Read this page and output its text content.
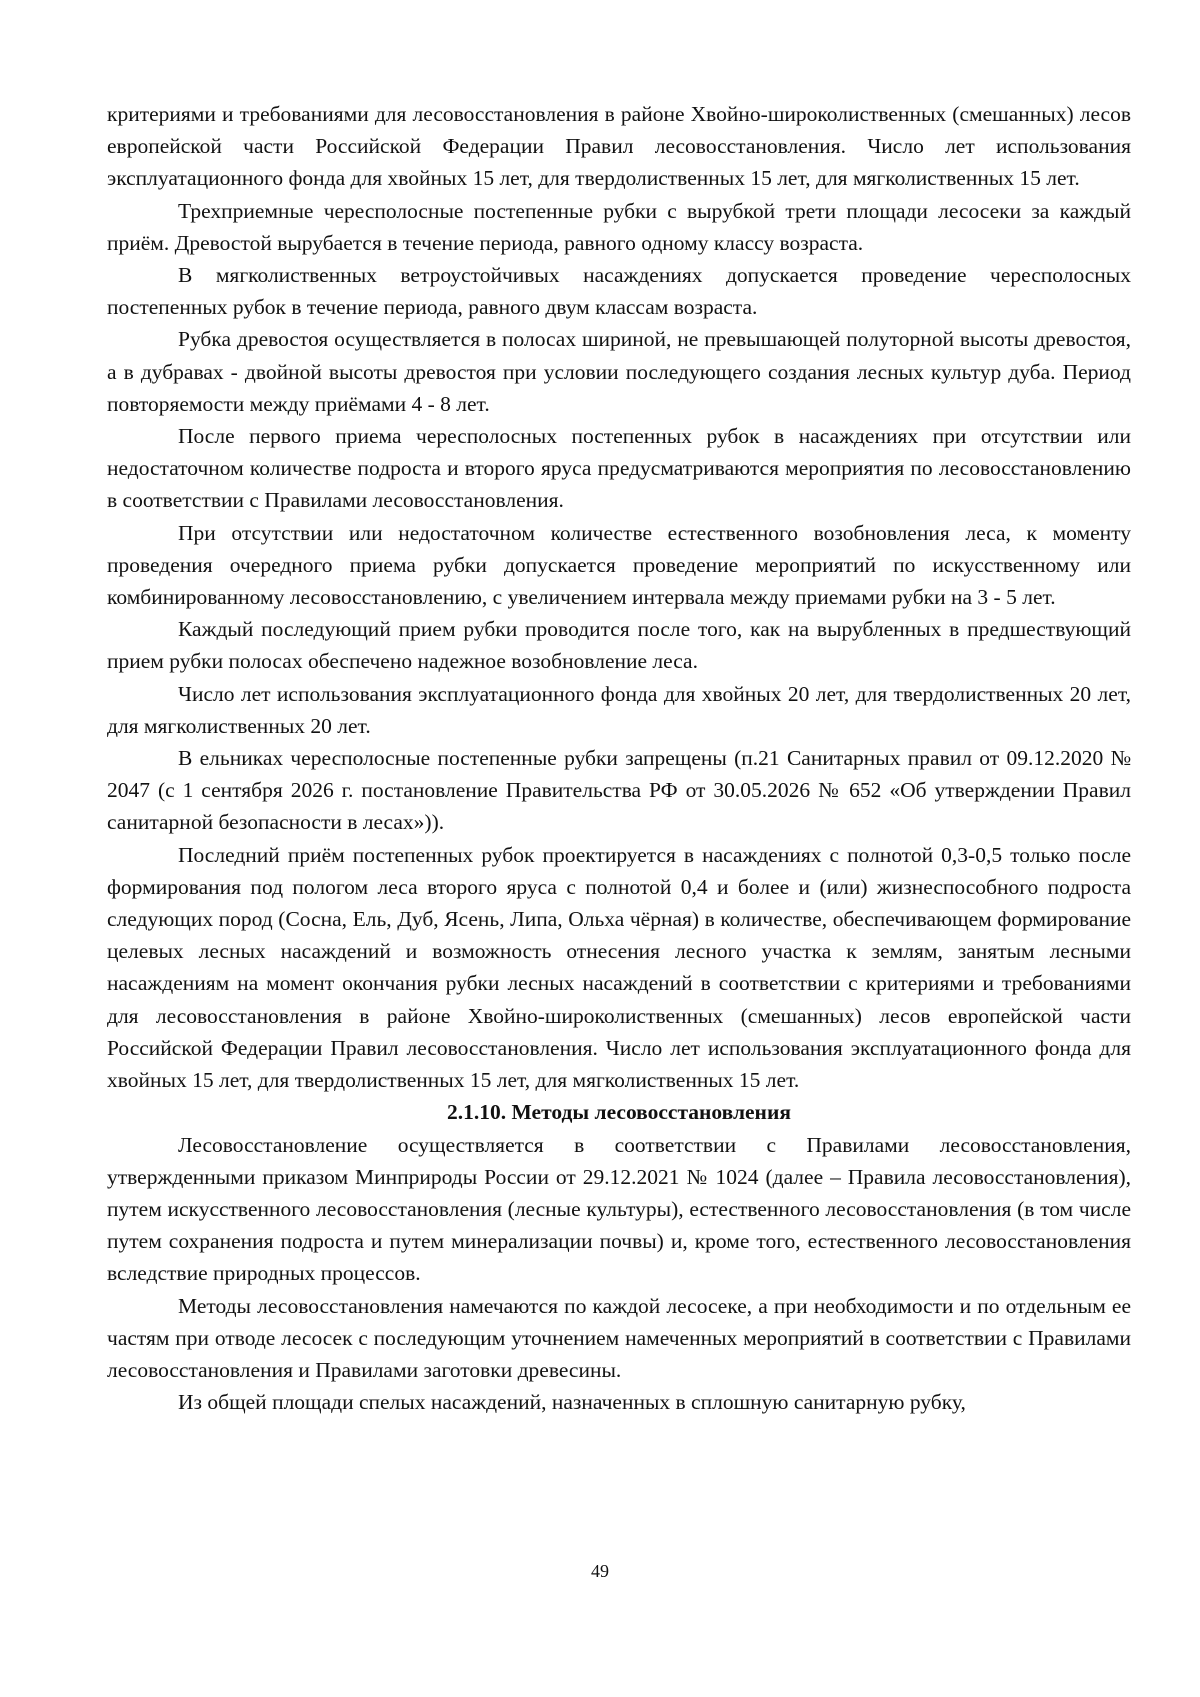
критериями и требованиями для лесовосстановления в районе Хвойно-широколиственных (смешанных) лесов европейской части Российской Федерации Правил лесовосстановления. Число лет использования эксплуатационного фонда для хвойных 15 лет, для твердолиственных 15 лет, для мягколиственных 15 лет.

Трехприемные чересполосные постепенные рубки с вырубкой трети площади лесосеки за каждый приём. Древостой вырубается в течение периода, равного одному классу возраста.

В мягколиственных ветроустойчивых насаждениях допускается проведение чересполосных постепенных рубок в течение периода, равного двум классам возраста.

Рубка древостоя осуществляется в полосах шириной, не превышающей полуторной высоты древостоя, а в дубравах - двойной высоты древостоя при условии последующего создания лесных культур дуба. Период повторяемости между приёмами 4 - 8 лет.

После первого приема чересполосных постепенных рубок в насаждениях при отсутствии или недостаточном количестве подроста и второго яруса предусматриваются мероприятия по лесовосстановлению в соответствии с Правилами лесовосстановления.

При отсутствии или недостаточном количестве естественного возобновления леса, к моменту проведения очередного приема рубки допускается проведение мероприятий по искусственному или комбинированному лесовосстановлению, с увеличением интервала между приемами рубки на 3 - 5 лет.

Каждый последующий прием рубки проводится после того, как на вырубленных в предшествующий прием рубки полосах обеспечено надежное возобновление леса.

Число лет использования эксплуатационного фонда для хвойных 20 лет, для твердолиственных 20 лет, для мягколиственных 20 лет.

В ельниках чересполосные постепенные рубки запрещены (п.21 Санитарных правил от 09.12.2020 № 2047 (с 1 сентября 2026 г. постановление Правительства РФ от 30.05.2026 № 652 «Об утверждении Правил санитарной безопасности в лесах»)).

Последний приём постепенных рубок проектируется в насаждениях с полнотой 0,3-0,5 только после формирования под пологом леса второго яруса с полнотой 0,4 и более и (или) жизнеспособного подроста следующих пород (Сосна, Ель, Дуб, Ясень, Липа, Ольха чёрная) в количестве, обеспечивающем формирование целевых лесных насаждений и возможность отнесения лесного участка к землям, занятым лесными насаждениям на момент окончания рубки лесных насаждений в соответствии с критериями и требованиями для лесовосстановления в районе Хвойно-широколиственных (смешанных) лесов европейской части Российской Федерации Правил лесовосстановления. Число лет использования эксплуатационного фонда для хвойных 15 лет, для твердолиственных 15 лет, для мягколиственных 15 лет.

2.1.10. Методы лесовосстановления

Лесовосстановление осуществляется в соответствии с Правилами лесовосстановления, утвержденными приказом Минприроды России от 29.12.2021 № 1024 (далее – Правила лесовосстановления), путем искусственного лесовосстановления (лесные культуры), естественного лесовосстановления (в том числе путем сохранения подроста и путем минерализации почвы) и, кроме того, естественного лесовосстановления вследствие природных процессов.

Методы лесовосстановления намечаются по каждой лесосеке, а при необходимости и по отдельным ее частям при отводе лесосек с последующим уточнением намеченных мероприятий в соответствии с Правилами лесовосстановления и Правилами заготовки древесины.

Из общей площади спелых насаждений, назначенных в сплошную санитарную рубку,

49
